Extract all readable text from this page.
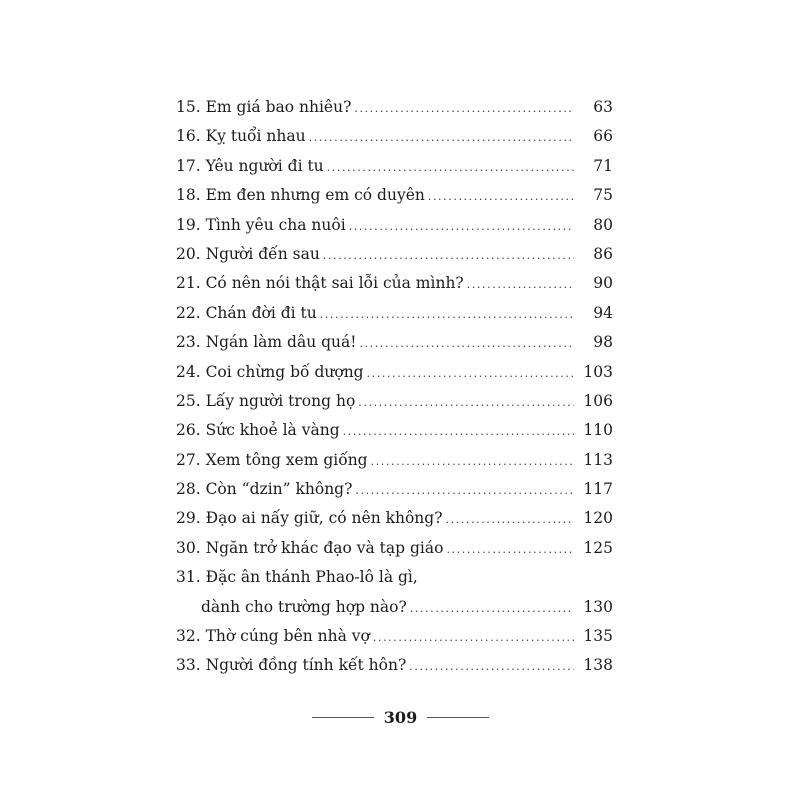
15. Em giá bao nhiêu? .....	63
16. Kỵ tuổi nhau .....	66
17. Yêu người đi tu .....	71
18. Em đen nhưng em có duyên .....	75
19. Tình yêu cha nuôi .....	80
20. Người đến sau .....	86
21. Có nên nói thật sai lỗi của mình? .....	90
22. Chán đời đi tu .....	94
23. Ngán làm dâu quá! .....	98
24. Coi chừng bố dượng .....	103
25. Lấy người trong họ .....	106
26. Sức khoẻ là vàng .....	110
27. Xem tông xem giống .....	113
28. Còn “dzin” không? .....	117
29. Đạo ai nấy giữ, có nên không? .....	120
30. Ngăn trở khác đạo và tạp giáo .....	125
31. Đặc ân thánh Phao-lô là gì,
dành cho trường hợp nào? .....	130
32. Thờ cúng bên nhà vợ .....	135
33. Người đồng tính kết hôn? .....	138
309
